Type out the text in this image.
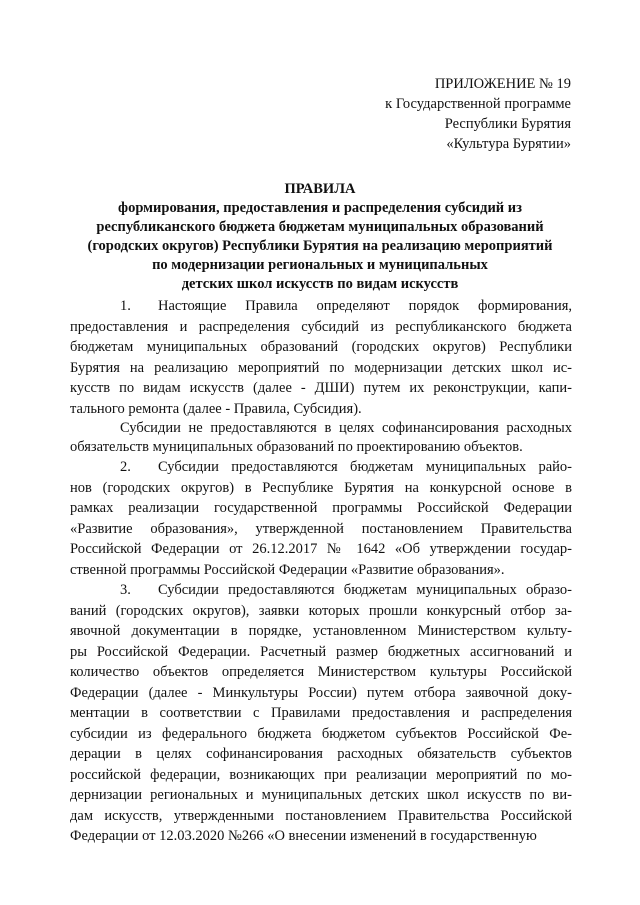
ПРИЛОЖЕНИЕ № 19
к Государственной программе
Республики Бурятия
«Культура Бурятии»
ПРАВИЛА
формирования, предоставления и распределения субсидий из
республиканского бюджета бюджетам муниципальных образований
(городских округов) Республики Бурятия на реализацию мероприятий
по модернизации региональных и муниципальных
детских школ искусств по видам искусств
1. Настоящие Правила определяют порядок формирования,
предоставления и распределения субсидий из республиканского бюджета
бюджетам муниципальных образований (городских округов) Республики
Бурятия на реализацию мероприятий по модернизации детских школ ис-
кусств по видам искусств (далее - ДШИ) путем их реконструкции, капи-
тального ремонта (далее - Правила, Субсидия).
Субсидии не предоставляются в целях софинансирования расходных
обязательств муниципальных образований по проектированию объектов.
2. Субсидии предоставляются бюджетам муниципальных райо-
нов (городских округов) в Республике Бурятия на конкурсной основе в
рамках реализации государственной программы Российской Федерации
«Развитие образования», утвержденной постановлением Правительства
Российской Федерации от 26.12.2017 № 1642 «Об утверждении государ-
ственной программы Российской Федерации «Развитие образования».
3. Субсидии предоставляются бюджетам муниципальных образо-
ваний (городских округов), заявки которых прошли конкурсный отбор за-
явочной документации в порядке, установленном Министерством культу-
ры Российской Федерации. Расчетный размер бюджетных ассигнований и
количество объектов определяется Министерством культуры Российской
Федерации (далее - Минкультуры России) путем отбора заявочной доку-
ментации в соответствии с Правилами предоставления и распределения
субсидии из федерального бюджета бюджетом субъектов Российской Фе-
дерации в целях софинансирования расходных обязательств субъектов
российской федерации, возникающих при реализации мероприятий по мо-
дернизации региональных и муниципальных детских школ искусств по ви-
дам искусств, утвержденными постановлением Правительства Российской
Федерации от 12.03.2020 №266 «О внесении изменений в государственную
